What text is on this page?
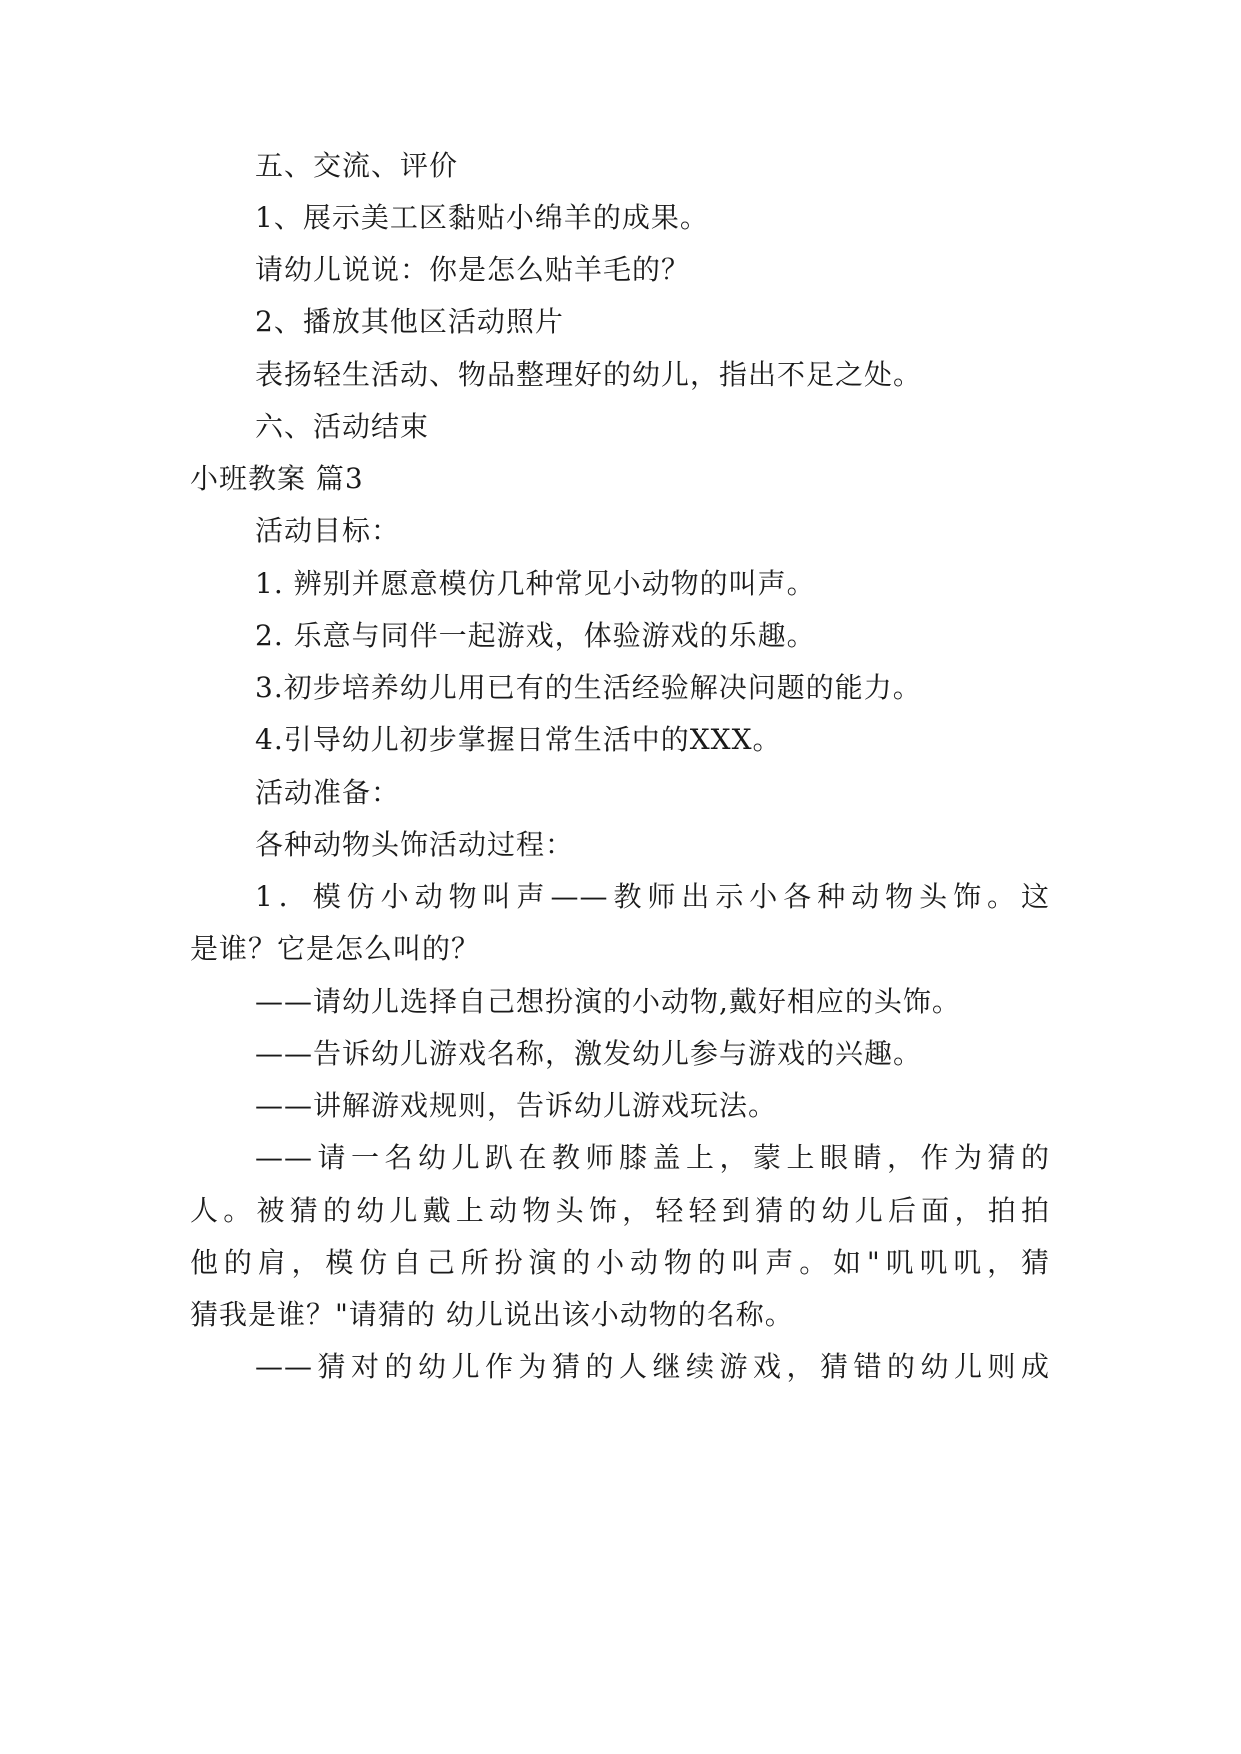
五、交流、评价
1、展示美工区黏贴小绵羊的成果。
请幼儿说说：你是怎么贴羊毛的？
2、播放其他区活动照片
表扬轻生活动、物品整理好的幼儿，指出不足之处。
六、活动结束
小班教案 篇3
活动目标：
1. 辨别并愿意模仿几种常见小动物的叫声。
2. 乐意与同伴一起游戏，体验游戏的乐趣。
3.初步培养幼儿用已有的生活经验解决问题的能力。
4.引导幼儿初步掌握日常生活中的XXX。
活动准备：
各种动物头饰活动过程：
1．模仿小动物叫声——教师出示小各种动物头饰。这
是谁？它是怎么叫的？
——请幼儿选择自己想扮演的小动物,戴好相应的头饰。
——告诉幼儿游戏名称，激发幼儿参与游戏的兴趣。
——讲解游戏规则，告诉幼儿游戏玩法。
——请一名幼儿趴在教师膝盖上，蒙上眼睛，作为猜的
人。被猜的幼儿戴上动物头饰，轻轻到猜的幼儿后面，拍拍
他的肩，模仿自己所扮演的小动物的叫声。如"叽叽叽，猜
猜我是谁？"请猜的 幼儿说出该小动物的名称。
——猜对的幼儿作为猜的人继续游戏，猜错的幼儿则成
